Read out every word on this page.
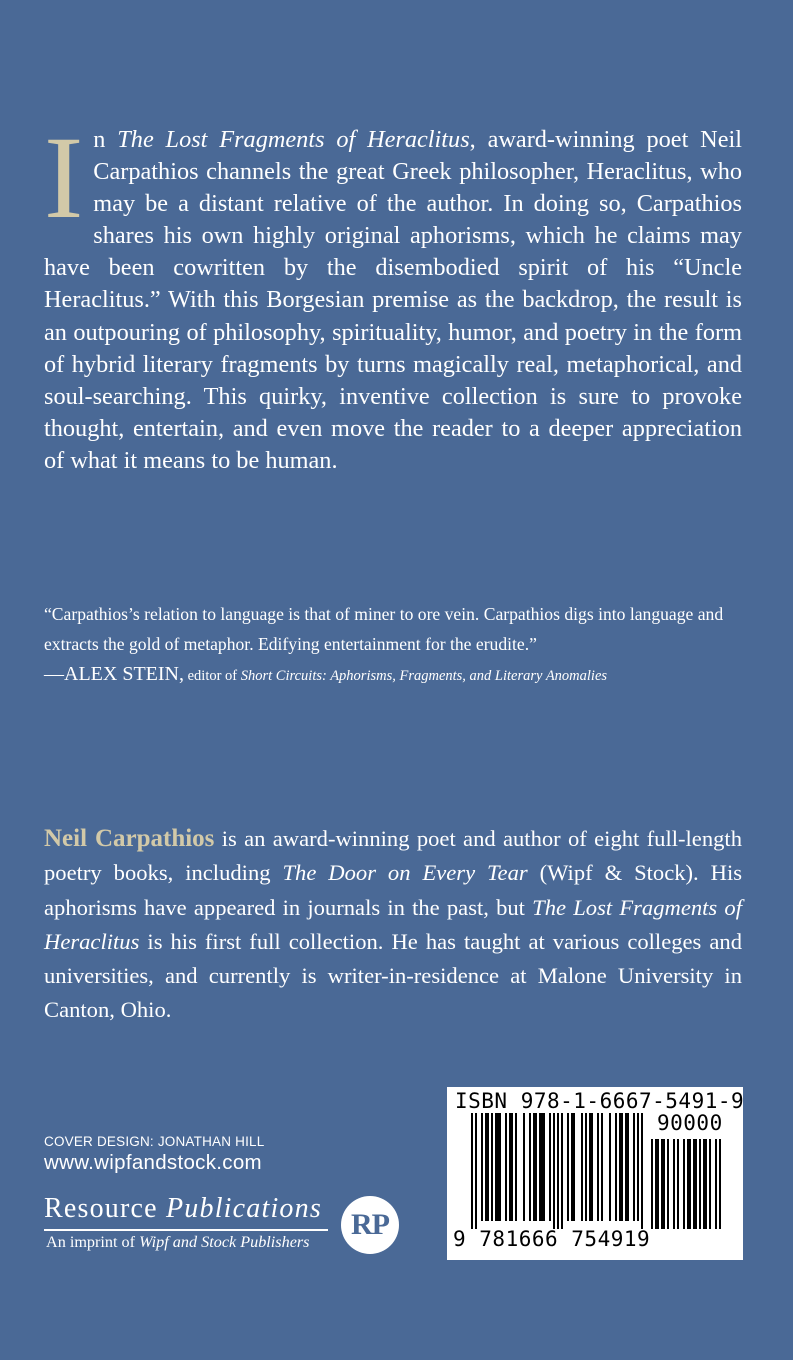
In The Lost Fragments of Heraclitus, award-winning poet Neil Carpathios channels the great Greek philosopher, Heraclitus, who may be a distant relative of the author. In doing so, Carpathios shares his own highly original aphorisms, which he claims may have been cowritten by the disembodied spirit of his “Uncle Heraclitus.” With this Borgesian premise as the backdrop, the result is an outpouring of philosophy, spirituality, humor, and poetry in the form of hybrid literary fragments by turns magically real, metaphorical, and soul-searching. This quirky, inventive collection is sure to provoke thought, entertain, and even move the reader to a deeper appreciation of what it means to be human.
“Carpathios’s relation to language is that of miner to ore vein. Carpathios digs into language and extracts the gold of metaphor. Edifying entertainment for the erudite.”
—ALEX STEIN, editor of Short Circuits: Aphorisms, Fragments, and Literary Anomalies
Neil Carpathios is an award-winning poet and author of eight full-length poetry books, including The Door on Every Tear (Wipf & Stock). His aphorisms have appeared in journals in the past, but The Lost Fragments of Heraclitus is his first full collection. He has taught at various colleges and universities, and currently is writer-in-residence at Malone University in Canton, Ohio.
COVER DESIGN: JONATHAN HILL
www.wipfandstock.com
Resource Publications
An imprint of Wipf and Stock Publishers
RP
ISBN 978-1-6667-5491-9
90000
9 781666 754919
